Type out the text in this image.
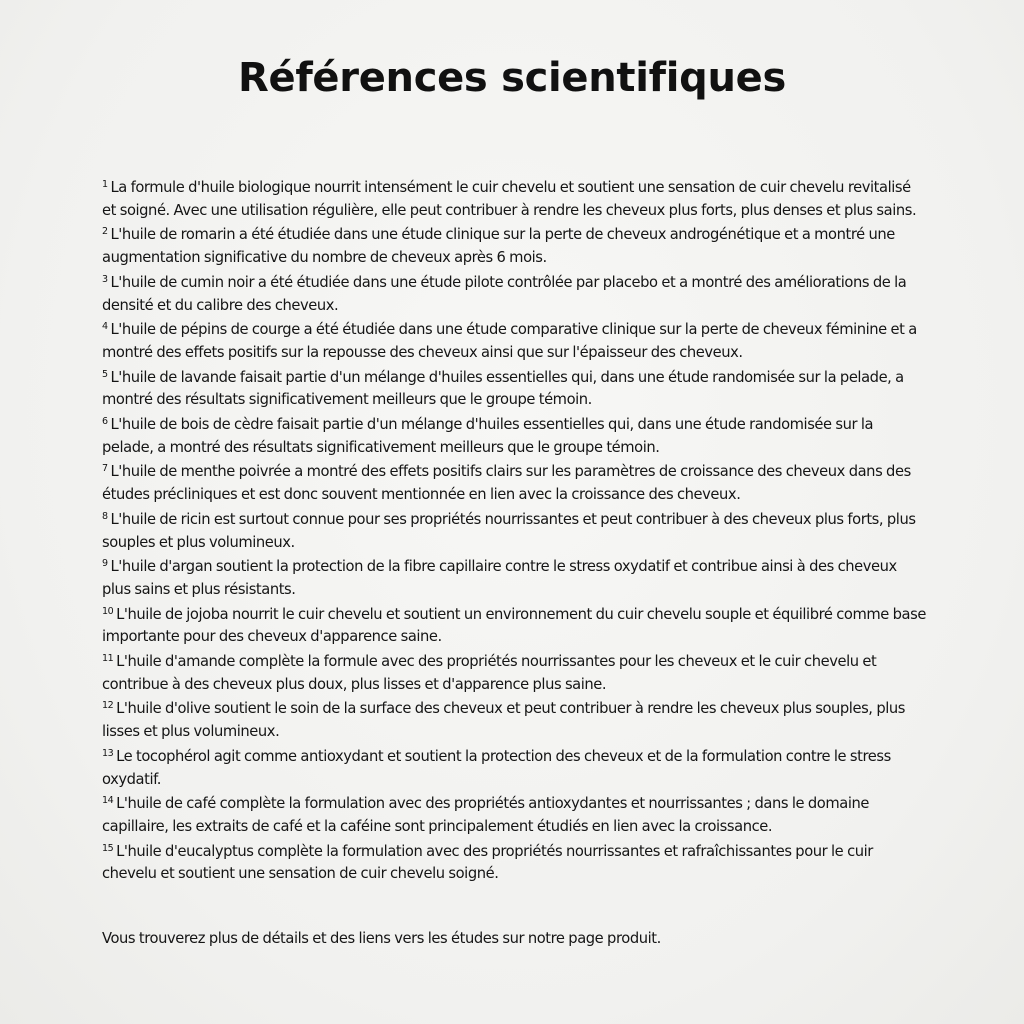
Références scientifiques
$^1$ La formule d'huile biologique nourrit intensément le cuir chevelu et soutient une sensation de cuir chevelu revitalisé et soigné. Avec une utilisation régulière, elle peut contribuer à rendre les cheveux plus forts, plus denses et plus sains.
$^2$ L'huile de romarin a été étudiée dans une étude clinique sur la perte de cheveux androgénétique et a montré une augmentation significative du nombre de cheveux après 6 mois.
$^3$ L'huile de cumin noir a été étudiée dans une étude pilote contrôlée par placebo et a montré des améliorations de la densité et du calibre des cheveux.
$^4$ L'huile de pépins de courge a été étudiée dans une étude comparative clinique sur la perte de cheveux féminine et a montré des effets positifs sur la repousse des cheveux ainsi que sur l'épaisseur des cheveux.
$^5$ L'huile de lavande faisait partie d'un mélange d'huiles essentielles qui, dans une étude randomisée sur la pelade, a montré des résultats significativement meilleurs que le groupe témoin.
$^6$ L'huile de bois de cèdre faisait partie d'un mélange d'huiles essentielles qui, dans une étude randomisée sur la pelade, a montré des résultats significativement meilleurs que le groupe témoin.
$^7$ L'huile de menthe poivrée a montré des effets positifs clairs sur les paramètres de croissance des cheveux dans des études précliniques et est donc souvent mentionnée en lien avec la croissance des cheveux.
$^8$ L'huile de ricin est surtout connue pour ses propriétés nourrissantes et peut contribuer à des cheveux plus forts, plus souples et plus volumineux.
$^9$ L'huile d'argan soutient la protection de la fibre capillaire contre le stress oxydatif et contribue ainsi à des cheveux plus sains et plus résistants.
$^{10}$ L'huile de jojoba nourrit le cuir chevelu et soutient un environnement du cuir chevelu souple et équilibré comme base importante pour des cheveux d'apparence saine.
$^{11}$ L'huile d'amande complète la formule avec des propriétés nourrissantes pour les cheveux et le cuir chevelu et contribue à des cheveux plus doux, plus lisses et d'apparence plus saine.
$^{12}$ L'huile d'olive soutient le soin de la surface des cheveux et peut contribuer à rendre les cheveux plus souples, plus lisses et plus volumineux.
$^{13}$ Le tocophérol agit comme antioxydant et soutient la protection des cheveux et de la formulation contre le stress oxydatif.
$^{14}$ L'huile de café complète la formulation avec des propriétés antioxydantes et nourrissantes ; dans le domaine capillaire, les extraits de café et la caféine sont principalement étudiés en lien avec la croissance.
$^{15}$ L'huile d'eucalyptus complète la formulation avec des propriétés nourrissantes et rafraîchissantes pour le cuir chevelu et soutient une sensation de cuir chevelu soigné.

Vous trouverez plus de détails et des liens vers les études sur notre page produit.
